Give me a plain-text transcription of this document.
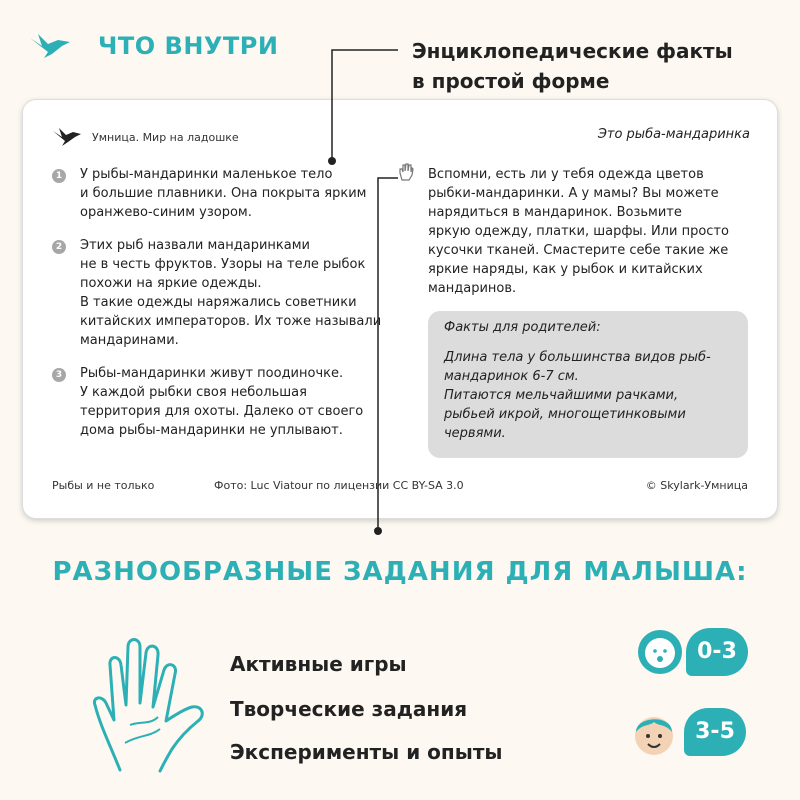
ЧТО ВНУТРИ	Энциклопедические факты
в простой форме
Умница. Мир на ладошке	Это рыба-мандаринка
1 У рыбы-мандаринки маленькое тело
и большие плавники. Она покрыта ярким
оранжево-синим узором.
2 Этих рыб назвали мандаринками
не в честь фруктов. Узоры на теле рыбок
похожи на яркие одежды.
В такие одежды наряжались советники
китайских императоров. Их тоже называли
мандаринами.
3 Рыбы-мандаринки живут поодиночке.
У каждой рыбки своя небольшая
территория для охоты. Далеко от своего
дома рыбы-мандаринки не уплывают.
Вспомни, есть ли у тебя одежда цветов
рыбки-мандаринки. А у мамы? Вы можете
нарядиться в мандаринок. Возьмите
яркую одежду, платки, шарфы. Или просто
кусочки тканей. Смастерите себе такие же
яркие наряды, как у рыбок и китайских
мандаринов.
Факты для родителей:
Длина тела у большинства видов рыб-
мандаринок 6-7 см.
Питаются мельчайшими рачками,
рыбьей икрой, многощетинковыми
червями.
Рыбы и не только	Фото: Luc Viatour по лицензии CC BY-SA 3.0	© Skylark-Умница
РАЗНООБРАЗНЫЕ ЗАДАНИЯ ДЛЯ МАЛЫША:
Активные игры
Творческие задания
Эксперименты и опыты
0-3
3-5
